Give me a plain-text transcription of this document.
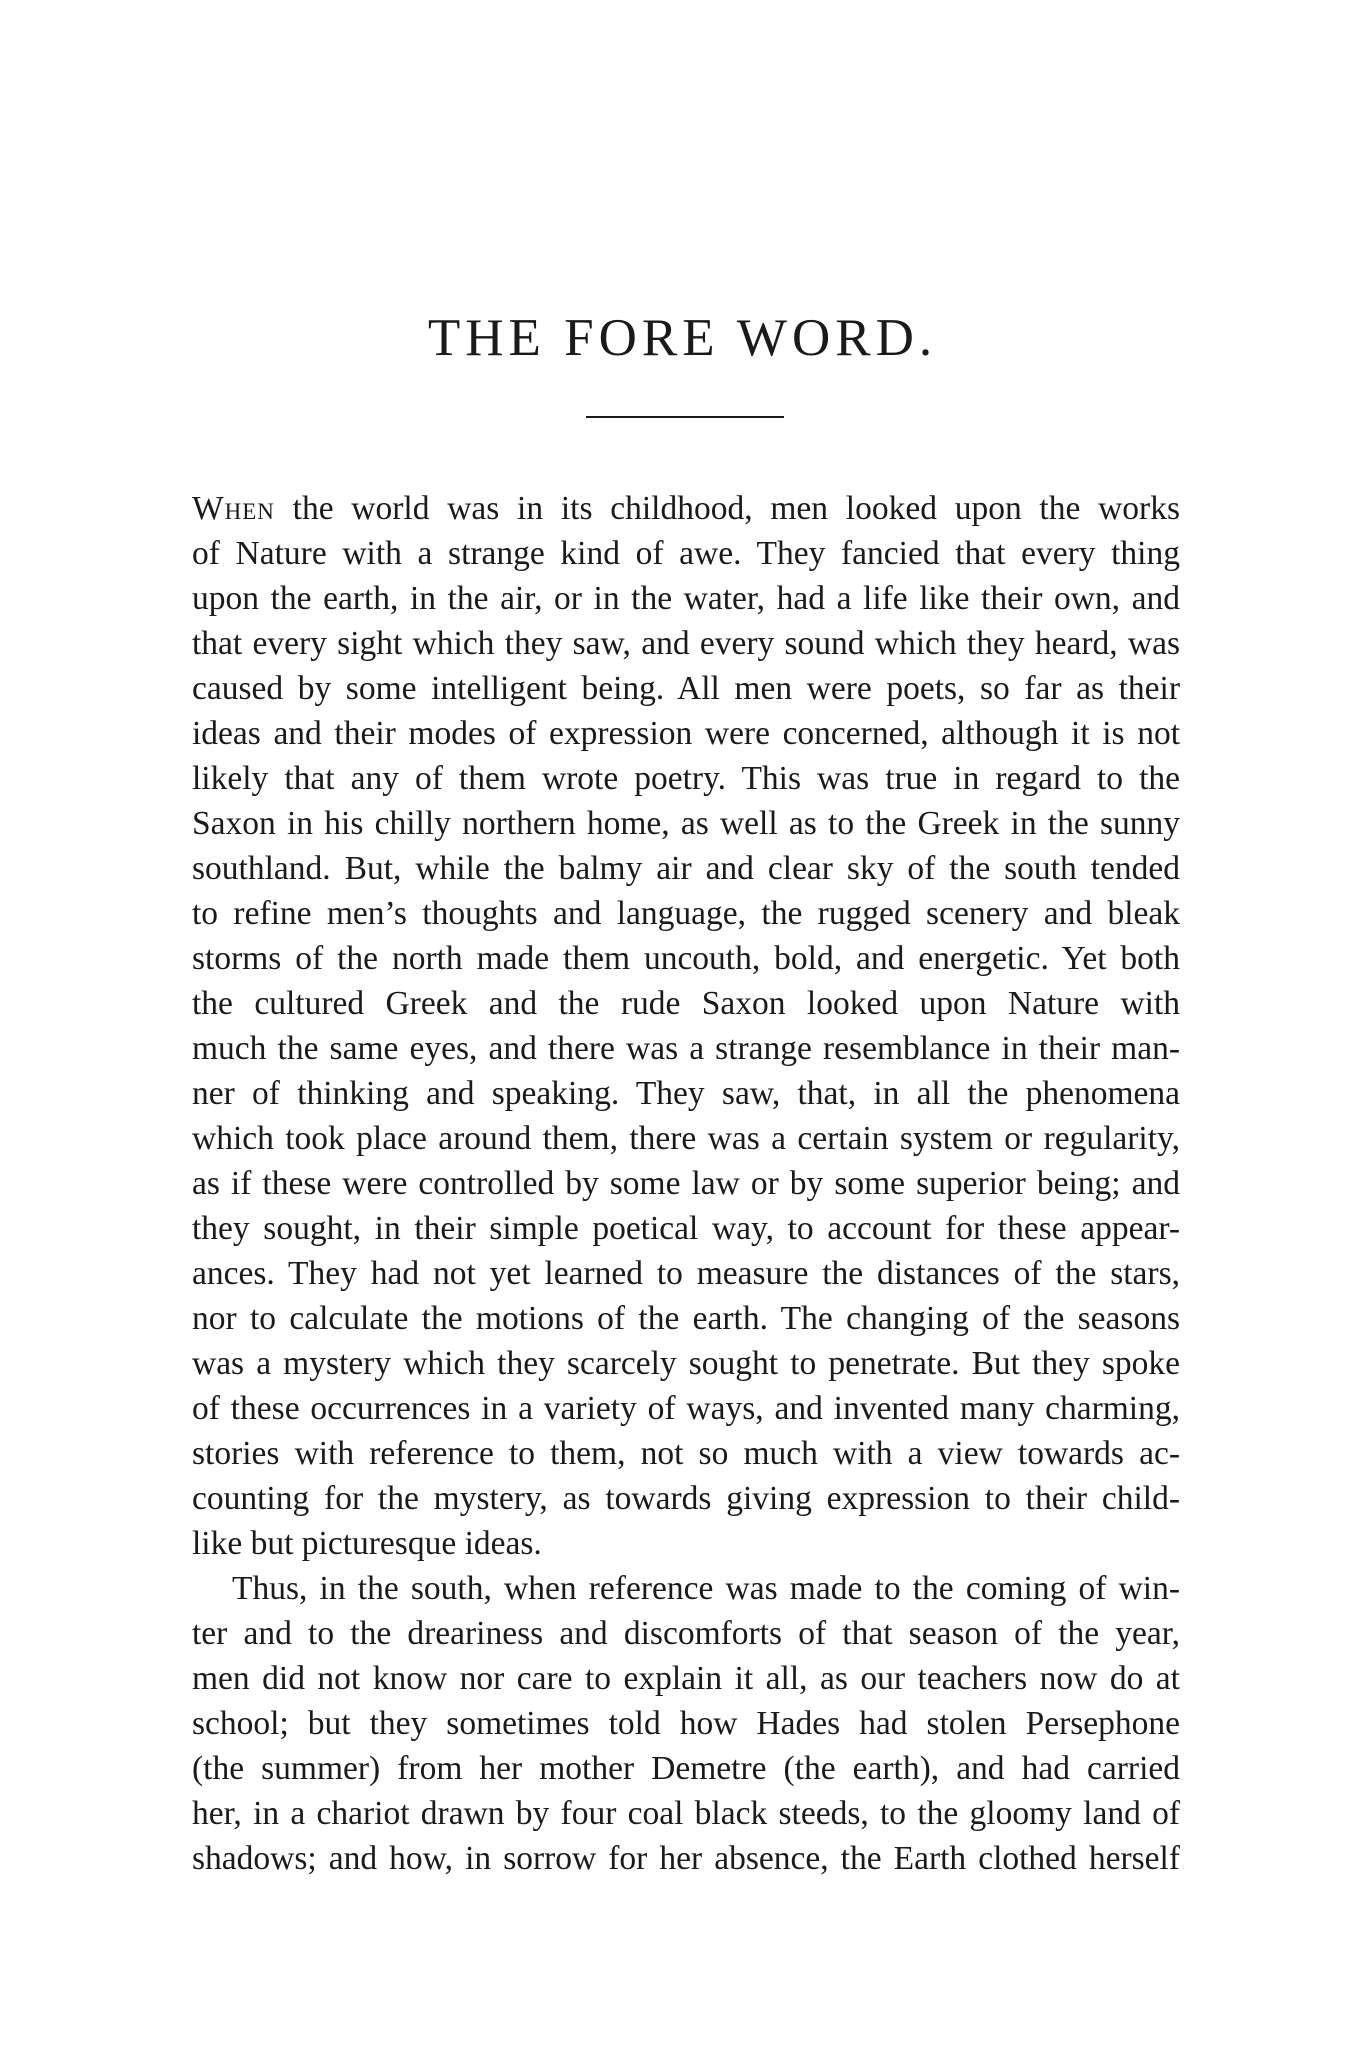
THE FORE WORD.
When the world was in its childhood, men looked upon the works
of Nature with a strange kind of awe. They fancied that every thing
upon the earth, in the air, or in the water, had a life like their own, and
that every sight which they saw, and every sound which they heard, was
caused by some intelligent being. All men were poets, so far as their
ideas and their modes of expression were concerned, although it is not
likely that any of them wrote poetry. This was true in regard to the
Saxon in his chilly northern home, as well as to the Greek in the sunny
southland. But, while the balmy air and clear sky of the south tended
to refine men’s thoughts and language, the rugged scenery and bleak
storms of the north made them uncouth, bold, and energetic. Yet both
the cultured Greek and the rude Saxon looked upon Nature with
much the same eyes, and there was a strange resemblance in their man-
ner of thinking and speaking. They saw, that, in all the phenomena
which took place around them, there was a certain system or regularity,
as if these were controlled by some law or by some superior being; and
they sought, in their simple poetical way, to account for these appear-
ances. They had not yet learned to measure the distances of the stars,
nor to calculate the motions of the earth. The changing of the seasons
was a mystery which they scarcely sought to penetrate. But they spoke
of these occurrences in a variety of ways, and invented many charming,
stories with reference to them, not so much with a view towards ac-
counting for the mystery, as towards giving expression to their child-
like but picturesque ideas.
Thus, in the south, when reference was made to the coming of win-
ter and to the dreariness and discomforts of that season of the year,
men did not know nor care to explain it all, as our teachers now do at
school; but they sometimes told how Hades had stolen Persephone
(the summer) from her mother Demetre (the earth), and had carried
her, in a chariot drawn by four coal black steeds, to the gloomy land of
shadows; and how, in sorrow for her absence, the Earth clothed herself
